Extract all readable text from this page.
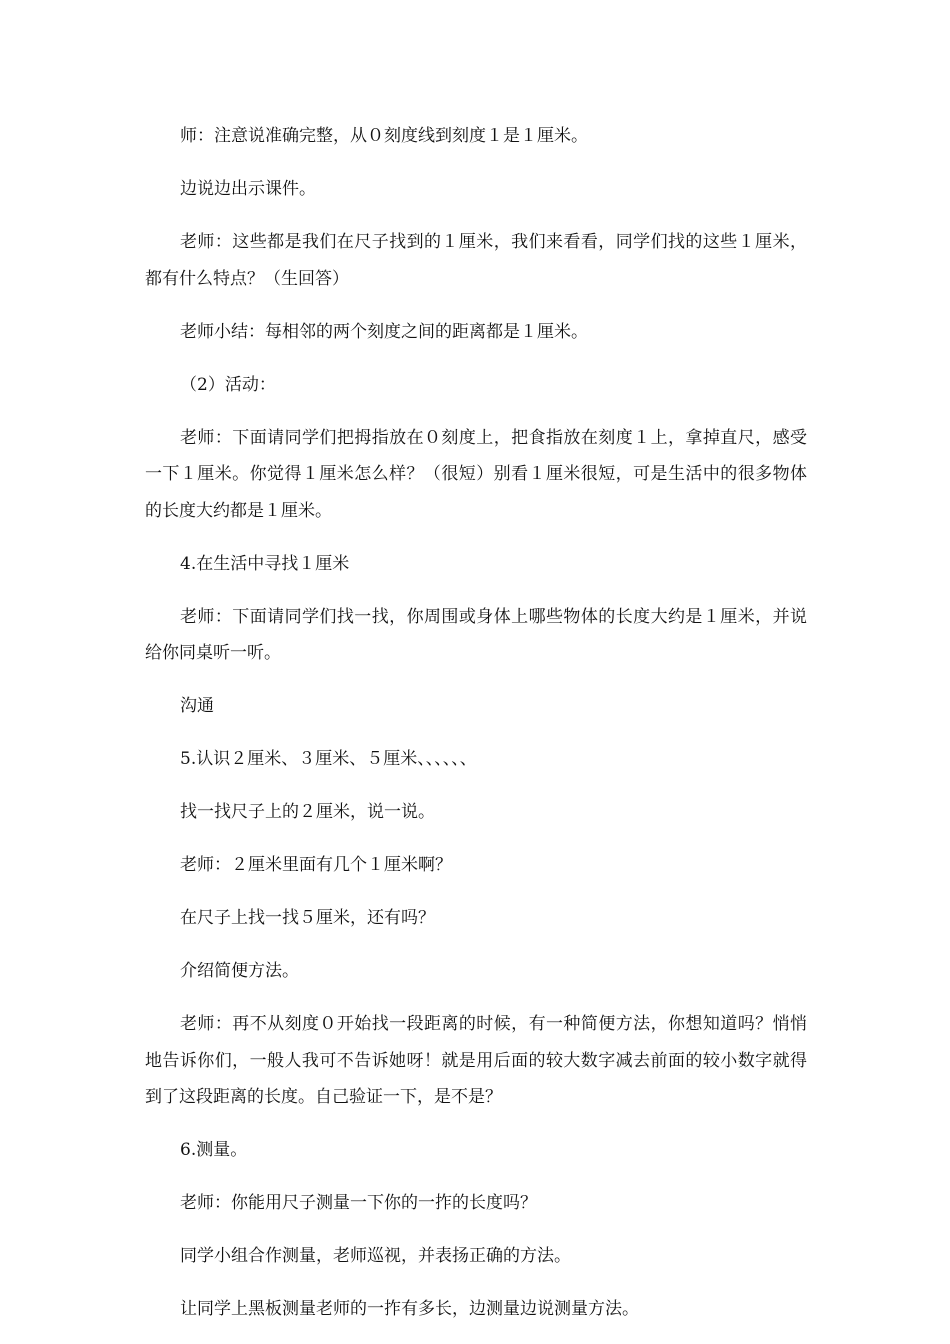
师：注意说准确完整，从０刻度线到刻度１是１厘米。

边说边出示课件。

老师：这些都是我们在尺子找到的１厘米，我们来看看，同学们找的这些１厘米，都有什么特点？（生回答）

老师小结：每相邻的两个刻度之间的距离都是１厘米。

（2）活动：

老师：下面请同学们把拇指放在０刻度上，把食指放在刻度１上，拿掉直尺，感受一下１厘米。你觉得１厘米怎么样？（很短）别看１厘米很短，可是生活中的很多物体的长度大约都是１厘米。

4.在生活中寻找１厘米

老师：下面请同学们找一找，你周围或身体上哪些物体的长度大约是１厘米，并说给你同桌听一听。

沟通

5.认识２厘米、３厘米、５厘米、、、、、、

找一找尺子上的２厘米，说一说。

老师：２厘米里面有几个１厘米啊？

在尺子上找一找５厘米，还有吗？

介绍简便方法。

老师：再不从刻度０开始找一段距离的时候，有一种简便方法，你想知道吗？悄悄地告诉你们，一般人我可不告诉她呀！就是用后面的较大数字减去前面的较小数字就得到了这段距离的长度。自己验证一下，是不是？

6.测量。

老师：你能用尺子测量一下你的一拃的长度吗？

同学小组合作测量，老师巡视，并表扬正确的方法。

让同学上黑板测量老师的一拃有多长，边测量边说测量方法。
